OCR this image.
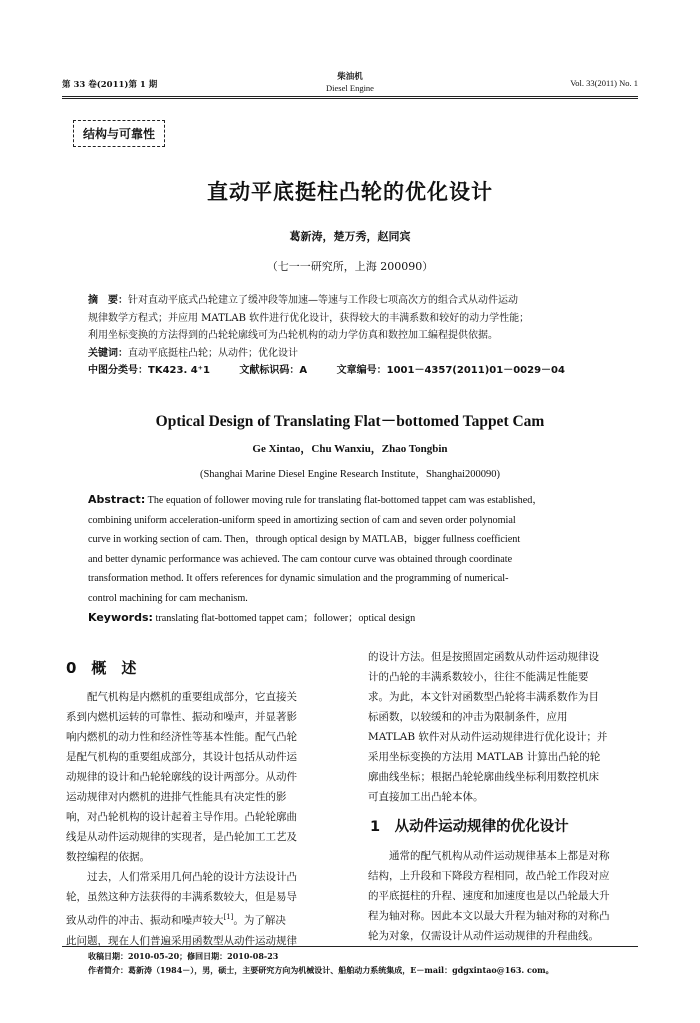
第 33 卷(2011)第 1 期
柴油机
Diesel Engine	Vol. 33(2011) No. 1
结构与可靠性
直动平底挺柱凸轮的优化设计
葛新涛，楚万秀，赵同宾
（七一一研究所，上海 200090）
摘　要：针对直动平底式凸轮建立了缓冲段等加速—等速与工作段七项高次方的组合式从动件运动
规律数学方程式；并应用 MATLAB 软件进行优化设计，获得较大的丰满系数和较好的动力学性能；
利用坐标变换的方法得到的凸轮轮廓线可为凸轮机构的动力学仿真和数控加工编程提供依据。
关键词：直动平底挺柱凸轮；从动件；优化设计
中图分类号：TK423. 4⁺1	文献标识码：A	文章编号：1001－4357(2011)01－0029－04
Optical Design of Translating Flat－bottomed Tappet Cam
Ge Xintao，Chu Wanxiu，Zhao Tongbin
(Shanghai Marine Diesel Engine Research Institute，Shanghai200090)
Abstract: The equation of follower moving rule for translating flat-bottomed tappet cam was established，
combining uniform acceleration-uniform speed in amortizing section of cam and seven order polynomial
curve in working section of cam. Then，through optical design by MATLAB，bigger fullness coefficient
and better dynamic performance was achieved. The cam contour curve was obtained through coordinate
transformation method. It offers references for dynamic simulation and the programming of numerical-
control machining for cam mechanism.
Keywords: translating flat-bottomed tappet cam；follower；optical design
0　概　述
　　配气机构是内燃机的重要组成部分，它直接关
系到内燃机运转的可靠性、振动和噪声，并显著影
响内燃机的动力性和经济性等基本性能。配气凸轮
是配气机构的重要组成部分，其设计包括从动件运
动规律的设计和凸轮轮廓线的设计两部分。从动件
运动规律对内燃机的进排气性能具有决定性的影
响，对凸轮机构的设计起着主导作用。凸轮轮廓曲
线是从动件运动规律的实现者，是凸轮加工工艺及
数控编程的依据。
　　过去，人们常采用几何凸轮的设计方法设计凸
轮，虽然这种方法获得的丰满系数较大，但是易导
致从动件的冲击、振动和噪声较大[1]。为了解决
此问题，现在人们普遍采用函数型从动件运动规律
的设计方法。但是按照固定函数从动件运动规律设
计的凸轮的丰满系数较小，往往不能满足性能要
求。为此，本文针对函数型凸轮将丰满系数作为目
标函数，以较缓和的冲击为限制条件，应用
MATLAB 软件对从动件运动规律进行优化设计；并
采用坐标变换的方法用 MATLAB 计算出凸轮的轮
廓曲线坐标；根据凸轮轮廓曲线坐标利用数控机床
可直接加工出凸轮本体。
1　从动件运动规律的优化设计
　　通常的配气机构从动件运动规律基本上都是对称
结构，上升段和下降段方程相同，故凸轮工作段对应
的平底挺柱的升程、速度和加速度也是以凸轮最大升
程为轴对称。因此本文以最大升程为轴对称的对称凸
轮为对象，仅需设计从动件运动规律的升程曲线。
收稿日期：2010-05-20；修回日期：2010-08-23
作者简介：葛新涛（1984－），男，硕士，主要研究方向为机械设计、船舶动力系统集成，E－mail：gdgxintao@163. com。
